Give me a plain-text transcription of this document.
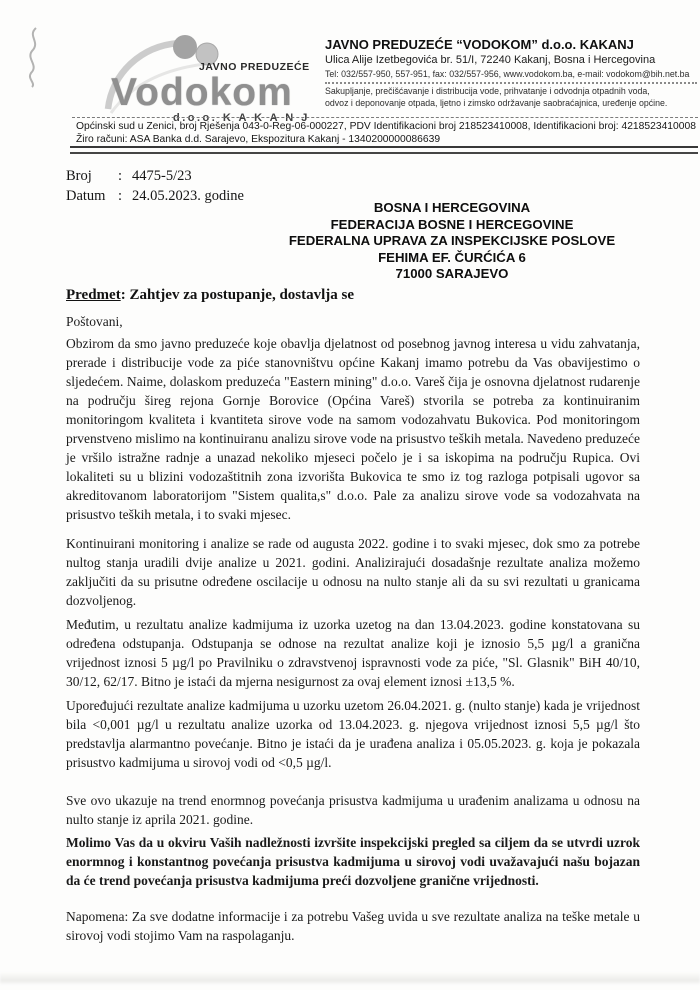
JAVNO PREDUZEĆE
Vodokom
d.o.o. K A K A N J
JAVNO PREDUZEĆE “VODOKOM” d.o.o. KAKANJ
Ulica Alije Izetbegovića br. 51/I, 72240 Kakanj, Bosna i Hercegovina
Tel: 032/557-950, 557-951, fax: 032/557-956, www.vodokom.ba, e-mail: vodokom@bih.net.ba
Sakupljanje, prečišćavanje i distribucija vode, prihvatanje i odvodnja otpadnih voda,
odvoz i deponovanje otpada, ljetno i zimsko održavanje saobraćajnica, uređenje općine.
Općinski sud u Zenici, broj Rješenja 043-0-Reg-06-000227, PDV Identifikacioni broj 218523410008, Identifikacioni broj: 4218523410008
Žiro računi: ASA Banka d.d. Sarajevo, Ekspozitura Kakanj - 1340200000086639
Broj : 4475-5/23
Datum : 24.05.2023. godine
BOSNA I HERCEGOVINA
FEDERACIJA BOSNE I HERCEGOVINE
FEDERALNA UPRAVA ZA INSPEKCIJSKE POSLOVE
FEHIMA EF. ČURĆIĆA 6
71000 SARAJEVO
Predmet: Zahtjev za postupanje, dostavlja se
Poštovani,

Obzirom da smo javno preduzeće koje obavlja djelatnost od posebnog javnog interesa u vidu zahvatanja, prerade i distribucije vode za piće stanovništvu općine Kakanj imamo potrebu da Vas obavijestimo o sljedećem. Naime, dolaskom preduzeća "Eastern mining" d.o.o. Vareš čija je osnovna djelatnost rudarenje na području šireg rejona Gornje Borovice (Općina Vareš) stvorila se potreba za kontinuiranim monitoringom kvaliteta i kvantiteta sirove vode na samom vodozahvatu Bukovica. Pod monitoringom prvenstveno mislimo na kontinuiranu analizu sirove vode na prisustvo teških metala. Navedeno preduzeće je vršilo istražne radnje a unazad nekoliko mjeseci počelo je i sa iskopima na području Rupica. Ovi lokaliteti su u blizini vodozaštitnih zona izvorišta Bukovica te smo iz tog razloga potpisali ugovor sa akreditovanom laboratorijom "Sistem qualita,s" d.o.o. Pale za analizu sirove vode sa vodozahvata na prisustvo teških metala, i to svaki mjesec.

Kontinuirani monitoring i analize se rade od augusta 2022. godine i to svaki mjesec, dok smo za potrebe nultog stanja uradili dvije analize u 2021. godini. Analizirajući dosadašnje rezultate analiza možemo zaključiti da su prisutne određene oscilacije u odnosu na nulto stanje ali da su svi rezultati u granicama dozvoljenog.

Međutim, u rezultatu analize kadmijuma iz uzorka uzetog na dan 13.04.2023. godine konstatovana su određena odstupanja. Odstupanja se odnose na rezultat analize koji je iznosio 5,5 µg/l a granična vrijednost iznosi 5 µg/l po Pravilniku o zdravstvenoj ispravnosti vode za piće, "Sl. Glasnik" BiH 40/10, 30/12, 62/17. Bitno je istaći da mjerna nesigurnost za ovaj element iznosi ±13,5 %.

Upoređujući rezultate analize kadmijuma u uzorku uzetom 26.04.2021. g. (nulto stanje) kada je vrijednost bila <0,001 µg/l u rezultatu analize uzorka od 13.04.2023. g. njegova vrijednost iznosi 5,5 µg/l što predstavlja alarmantno povećanje. Bitno je istaći da je urađena analiza i 05.05.2023. g. koja je pokazala prisustvo kadmijuma u sirovoj vodi od <0,5 µg/l.

Sve ovo ukazuje na trend enormnog povećanja prisustva kadmijuma u urađenim analizama u odnosu na nulto stanje iz aprila 2021. godine.

Molimo Vas da u okviru Vaših nadležnosti izvršite inspekcijski pregled sa ciljem da se utvrdi uzrok enormnog i konstantnog povećanja prisustva kadmijuma u sirovoj vodi uvažavajući našu bojazan da će trend povećanja prisustva kadmijuma preći dozvoljene granične vrijednosti.

Napomena: Za sve dodatne informacije i za potrebu Vašeg uvida u sve rezultate analiza na teške metale u sirovoj vodi stojimo Vam na raspolaganju.
